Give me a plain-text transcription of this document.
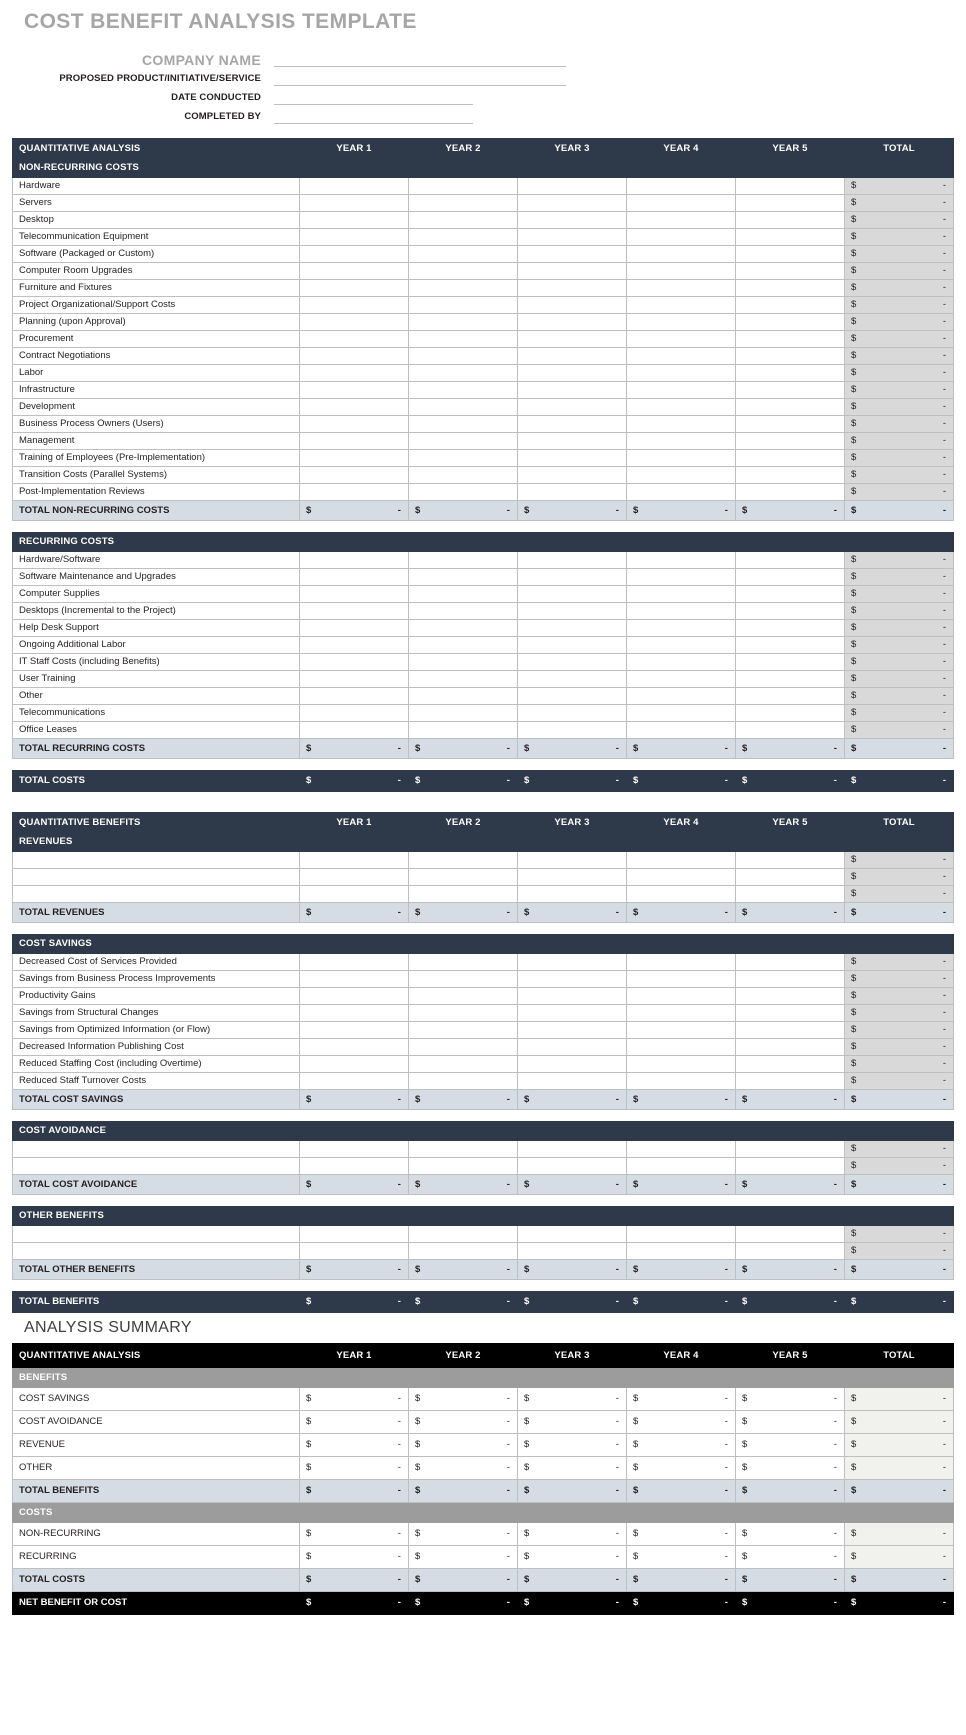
COST BENEFIT ANALYSIS TEMPLATE
COMPANY NAME
PROPOSED PRODUCT/INITIATIVE/SERVICE
DATE CONDUCTED
COMPLETED BY
QUANTITATIVE ANALYSIS	YEAR 1	YEAR 2	YEAR 3	YEAR 4	YEAR 5	TOTAL
NON-RECURRING COSTS						
Hardware						$ -

Servers						$ -

Desktop						$ -

Telecommunication Equipment						$ -

Software (Packaged or Custom)						$ -

Computer Room Upgrades						$ -

Furniture and Fixtures						$ -

Project Organizational/Support Costs						$ -

Planning (upon Approval)						$ -

Procurement						$ -

Contract Negotiations						$ -

Labor						$ -

Infrastructure						$ -

Development						$ -

Business Process Owners (Users)						$ -

Management						$ -

Training of Employees (Pre-Implementation)						$ -

Transition Costs (Parallel Systems)						$ -

Post-Implementation Reviews						$ -

TOTAL NON-RECURRING COSTS	$ -	$ -	$ -	$ -	$ -	$ -
RECURRING COSTS						
Hardware/Software						$ -

Software Maintenance and Upgrades						$ -

Computer Supplies						$ -

Desktops (Incremental to the Project)						$ -

Help Desk Support						$ -

Ongoing Additional Labor						$ -

IT Staff Costs (including Benefits)						$ -

User Training						$ -

Other						$ -

Telecommunications						$ -

Office Leases						$ -

TOTAL RECURRING COSTS	$ -	$ -	$ -	$ -	$ -	$ -
TOTAL COSTS	$	-	$	-	$	-	$	-	$	-	$	-
QUANTITATIVE BENEFITS	YEAR 1	YEAR 2	YEAR 3	YEAR 4	YEAR 5	TOTAL
REVENUES						

						$ -

						$ -

						$ -

TOTAL REVENUES	$ -	$ -	$ -	$ -	$ -	$ -
COST SAVINGS						
Decreased Cost of Services Provided						$ -

Savings from Business Process Improvements						$ -

Productivity Gains						$ -

Savings from Structural Changes						$ -

Savings from Optimized Information (or Flow)						$ -

Decreased Information Publishing Cost						$ -

Reduced Staffing Cost (including Overtime)						$ -

Reduced Staff Turnover Costs						$ -

TOTAL COST SAVINGS	$ -	$ -	$ -	$ -	$ -	$ -
COST AVOIDANCE						

						$ -

						$ -

TOTAL COST AVOIDANCE	$ -	$ -	$ -	$ -	$ -	$ -
OTHER BENEFITS						

						$ -

						$ -

TOTAL OTHER BENEFITS	$ -	$ -	$ -	$ -	$ -	$ -
TOTAL BENEFITS	$	-	$	-	$	-	$	-	$	-	$	-
ANALYSIS SUMMARY
QUANTITATIVE ANALYSIS	YEAR 1	YEAR 2	YEAR 3	YEAR 4	YEAR 5	TOTAL
BENEFITS						
COST SAVINGS	$ -	$ -	$ -	$ -	$ -	$ -

COST AVOIDANCE	$ -	$ -	$ -	$ -	$ -	$ -

REVENUE	$ -	$ -	$ -	$ -	$ -	$ -

OTHER	$ -	$ -	$ -	$ -	$ -	$ -

TOTAL BENEFITS	$ -	$ -	$ -	$ -	$ -	$ -

COSTS						
NON-RECURRING	$ -	$ -	$ -	$ -	$ -	$ -

RECURRING	$ -	$ -	$ -	$ -	$ -	$ -

TOTAL COSTS	$ -	$ -	$ -	$ -	$ -	$ -

NET BENEFIT OR COST	$ -	$ -	$ -	$ -	$ -	$ -
